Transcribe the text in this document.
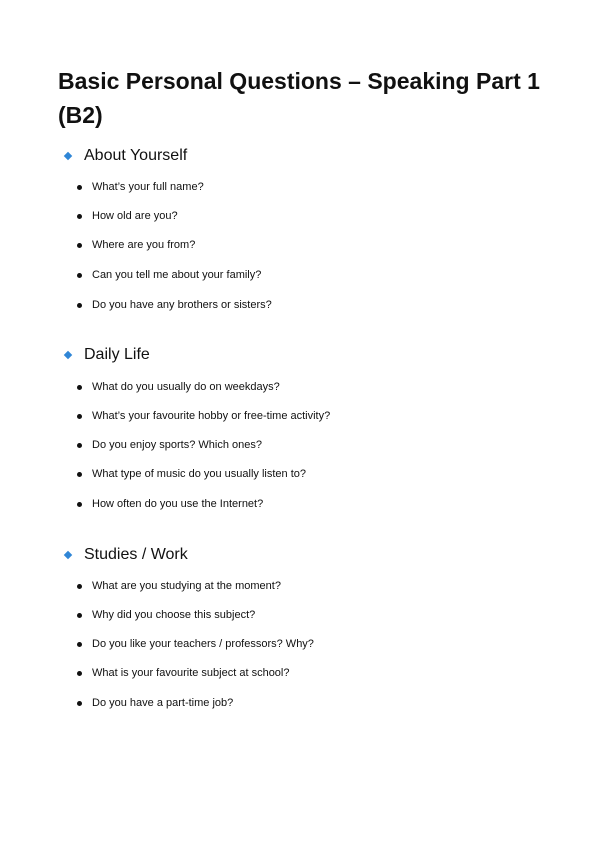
Basic Personal Questions – Speaking Part 1 (B2)
About Yourself
What’s your full name?
How old are you?
Where are you from?
Can you tell me about your family?
Do you have any brothers or sisters?
Daily Life
What do you usually do on weekdays?
What’s your favourite hobby or free-time activity?
Do you enjoy sports? Which ones?
What type of music do you usually listen to?
How often do you use the Internet?
Studies / Work
What are you studying at the moment?
Why did you choose this subject?
Do you like your teachers / professors? Why?
What is your favourite subject at school?
Do you have a part-time job?
